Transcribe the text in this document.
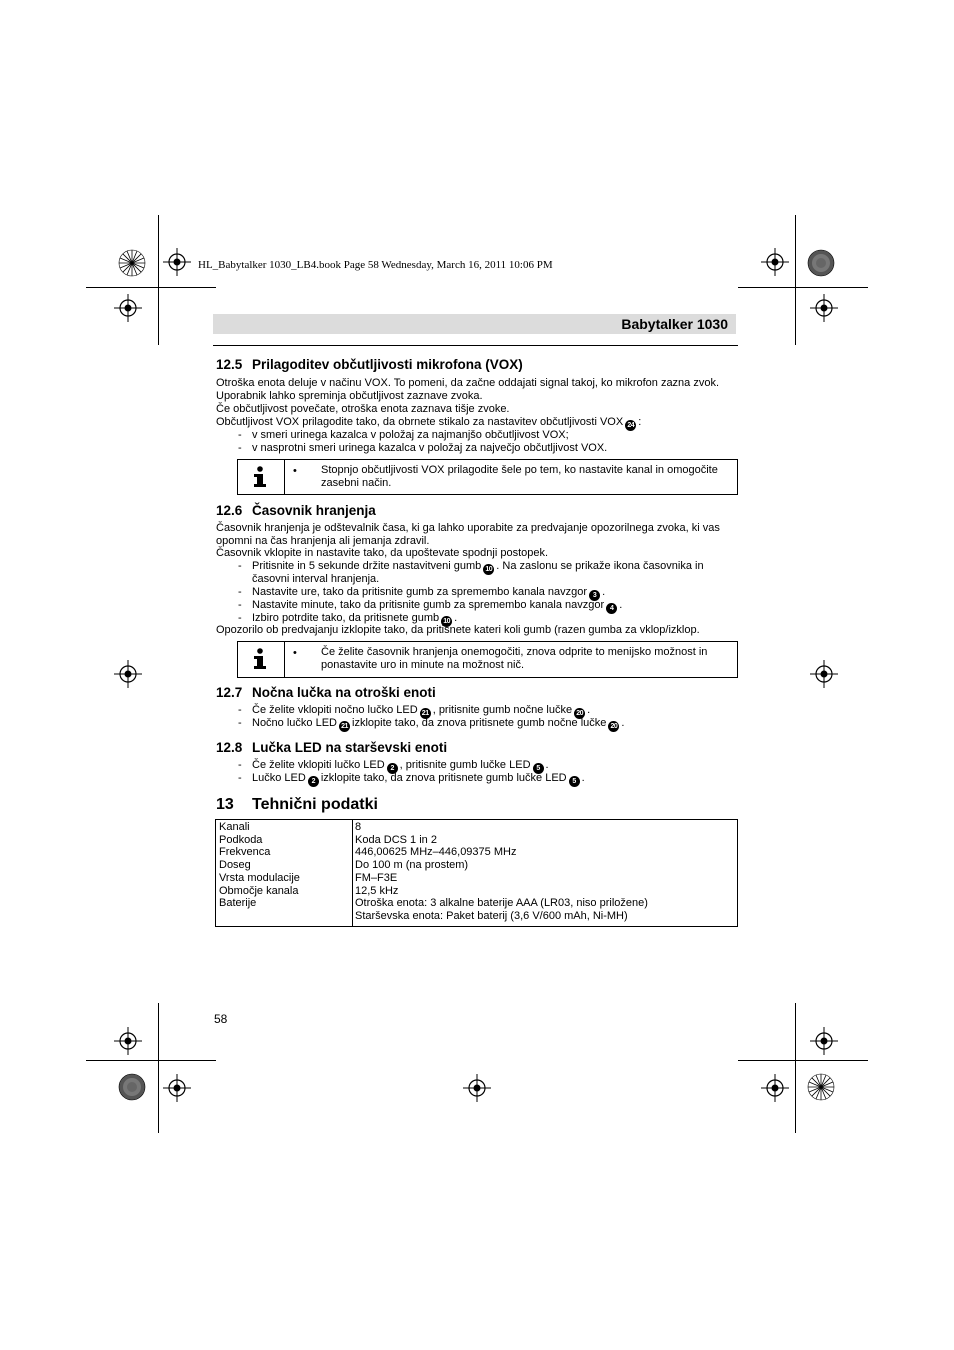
HL_Babytalker 1030_LB4.book Page 58 Wednesday, March 16, 2011 10:06 PM
Babytalker 1030
12.5 Prilagoditev občutljivosti mikrofona (VOX)
Otroška enota deluje v načinu VOX. To pomeni, da začne oddajati signal takoj, ko mikrofon zazna zvok.
Uporabnik lahko spreminja občutljivost zaznave zvoka.
Če občutljivost povečate, otroška enota zaznava tišje zvoke.
Občutljivost VOX prilagodite tako, da obrnete stikalo za nastavitev občutljivosti VOX 24 :
- v smeri urinega kazalca v položaj za najmanjšo občutljivost VOX;
- v nasprotni smeri urinega kazalca v položaj za največjo občutljivost VOX.
• Stopnjo občutljivosti VOX prilagodite šele po tem, ko nastavite kanal in omogočite
zasebni način.
12.6 Časovnik hranjenja
Časovnik hranjenja je odštevalnik časa, ki ga lahko uporabite za predvajanje opozorilnega zvoka, ki vas
opomni na čas hranjenja ali jemanja zdravil.
Časovnik vklopite in nastavite tako, da upoštevate spodnji postopek.
- Pritisnite in 5 sekunde držite nastavitveni gumb 10 . Na zaslonu se prikaže ikona časovnika in
časovni interval hranjenja.
- Nastavite ure, tako da pritisnite gumb za spremembo kanala navzgor 3 .
- Nastavite minute, tako da pritisnite gumb za spremembo kanala navzgor 4 .
- Izbiro potrdite tako, da pritisnete gumb 10 .
Opozorilo ob predvajanju izklopite tako, da pritisnete kateri koli gumb (razen gumba za vklop/izklop.
• Če želite časovnik hranjenja onemogočiti, znova odprite to menijsko možnost in
ponastavite uro in minute na možnost nič.
12.7 Nočna lučka na otroški enoti
- Če želite vklopiti nočno lučko LED 21 , pritisnite gumb nočne lučke 20 .
- Nočno lučko LED 21 izklopite tako, da znova pritisnete gumb nočne lučke 20 .
12.8 Lučka LED na starševski enoti
- Če želite vklopiti lučko LED 2 , pritisnite gumb lučke LED 5 .
- Lučko LED 2 izklopite tako, da znova pritisnete gumb lučke LED 5 .
13 Tehnični podatki
Kanali
Podkoda
Frekvenca
Doseg
Vrsta modulacije
Območje kanala
Baterije
8
Koda DCS 1 in 2
446,00625 MHz–446,09375 MHz
Do 100 m (na prostem)
FM–F3E
12,5 kHz
Otroška enota: 3 alkalne baterije AAA (LR03, niso priložene)
Starševska enota: Paket baterij (3,6 V/600 mAh, Ni-MH)
58
